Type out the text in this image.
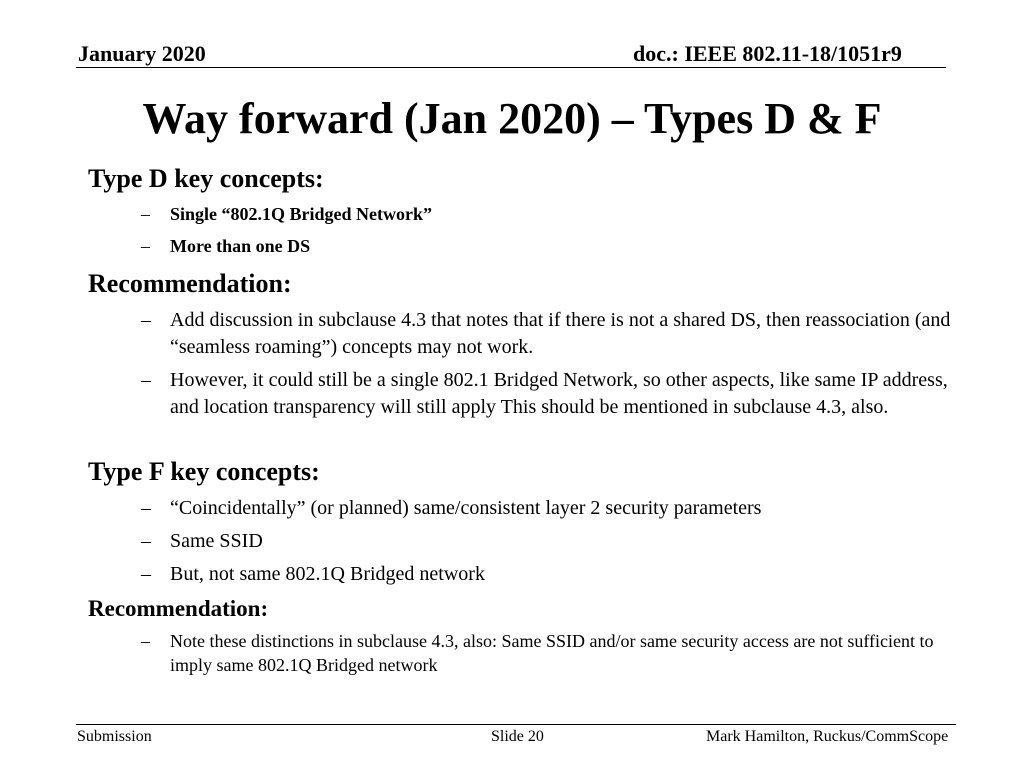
January 2020	doc.: IEEE 802.11-18/1051r9
Way forward (Jan 2020) – Types D & F
Type D key concepts:
– Single “802.1Q Bridged Network”
– More than one DS
Recommendation:
– Add discussion in subclause 4.3 that notes that if there is not a shared DS, then reassociation (and “seamless roaming”) concepts may not work.
– However, it could still be a single 802.1 Bridged Network, so other aspects, like same IP address, and location transparency will still apply This should be mentioned in subclause 4.3, also.
Type F key concepts:
– “Coincidentally” (or planned) same/consistent layer 2 security parameters
– Same SSID
– But, not same 802.1Q Bridged network
Recommendation:
– Note these distinctions in subclause 4.3, also: Same SSID and/or same security access are not sufficient to imply same 802.1Q Bridged network
Submission	Slide 20	Mark Hamilton, Ruckus/CommScope
